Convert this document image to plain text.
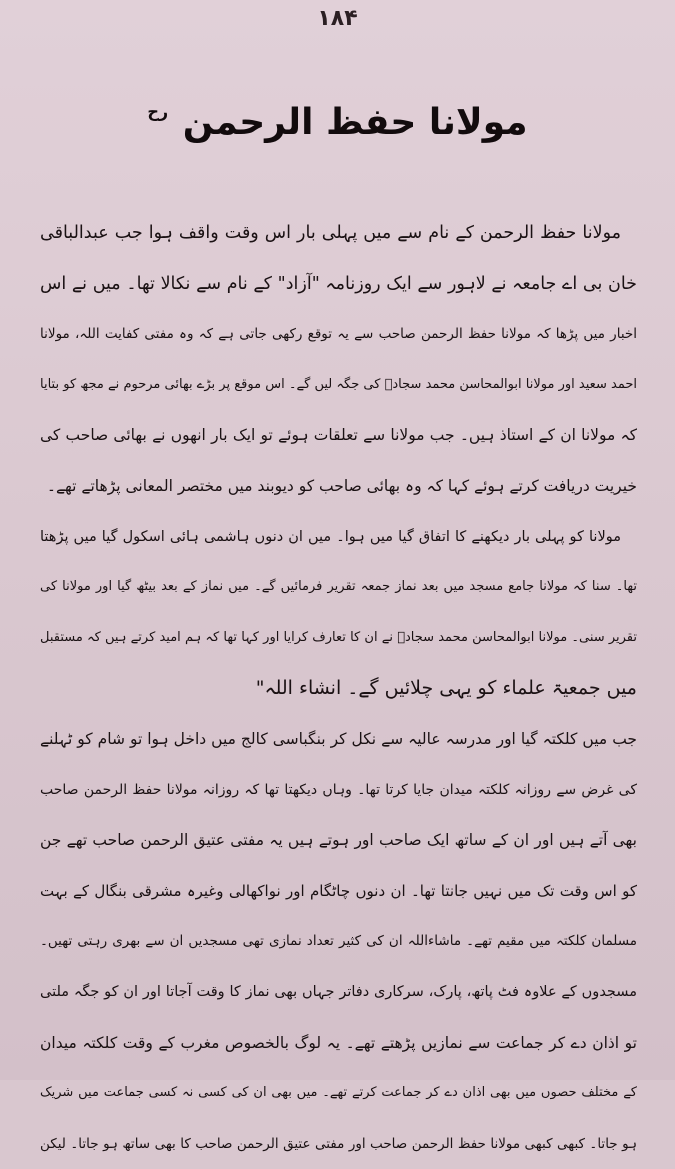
۱۸۴
مولانا حفظ الرحمن $^{رح}$
مولانا حفظ الرحمن کے نام سے میں پہلی بار اس وقت واقف ہوا جب عبدالباقی
خان بی اے جامعہ نے لاہور سے ایک روزنامہ "آزاد" کے نام سے نکالا تھا۔ میں نے اس
اخبار میں پڑھا کہ مولانا حفظ الرحمن صاحب سے یہ توقع رکھی جاتی ہے کہ وہ مفتی کفایت اللہ، مولانا
احمد سعید اور مولانا ابوالمحاسن محمد سجادؒ کی جگہ لیں گے۔ اس موقع پر بڑے بھائی مرحوم نے مجھ کو بتایا
کہ مولانا ان کے استاذ ہیں۔ جب مولانا سے تعلقات ہوئے تو ایک بار انھوں نے بھائی صاحب کی
خیریت دریافت کرتے ہوئے کہا کہ وہ بھائی صاحب کو دیوبند میں مختصر المعانی پڑھاتے تھے۔
مولانا کو پہلی بار دیکھنے کا اتفاق گیا میں ہوا۔ میں ان دنوں ہاشمی ہائی اسکول گیا میں پڑھتا
تھا۔ سنا کہ مولانا جامع مسجد میں بعد نماز جمعہ تقریر فرمائیں گے۔ میں نماز کے بعد بیٹھ گیا اور مولانا کی
تقریر سنی۔ مولانا ابوالمحاسن محمد سجادؒ نے ان کا تعارف کرایا اور کہا تھا کہ ہم امید کرتے ہیں کہ مستقبل
میں جمعیۃ علماء کو یہی چلائیں گے۔ انشاء اللہ"
جب میں کلکتہ گیا اور مدرسہ عالیہ سے نکل کر بنگباسی کالج میں داخل ہوا تو شام کو ٹہلنے
کی غرض سے روزانہ کلکتہ میدان جایا کرتا تھا۔ وہاں دیکھتا تھا کہ روزانہ مولانا حفظ الرحمن صاحب
بھی آتے ہیں اور ان کے ساتھ ایک صاحب اور ہوتے ہیں یہ مفتی عتیق الرحمن صاحب تھے جن
کو اس وقت تک میں نہیں جانتا تھا۔ ان دنوں چاٹگام اور نواکھالی وغیرہ مشرقی بنگال کے بہت
مسلمان کلکتہ میں مقیم تھے۔ ماشاءاللہ ان کی کثیر تعداد نمازی تھی مسجدیں ان سے بھری رہتی تھیں۔
مسجدوں کے علاوہ فٹ پاتھ، پارک، سرکاری دفاتر جہاں بھی نماز کا وقت آجاتا اور ان کو جگہ ملتی
تو اذان دے کر جماعت سے نمازیں پڑھتے تھے۔ یہ لوگ بالخصوص مغرب کے وقت کلکتہ میدان
کے مختلف حصوں میں بھی اذان دے کر جماعت کرتے تھے۔ میں بھی ان کی کسی نہ کسی جماعت میں شریک
ہو جاتا۔ کبھی کبھی مولانا حفظ الرحمن صاحب اور مفتی عتیق الرحمن صاحب کا بھی ساتھ ہو جاتا۔ لیکن
